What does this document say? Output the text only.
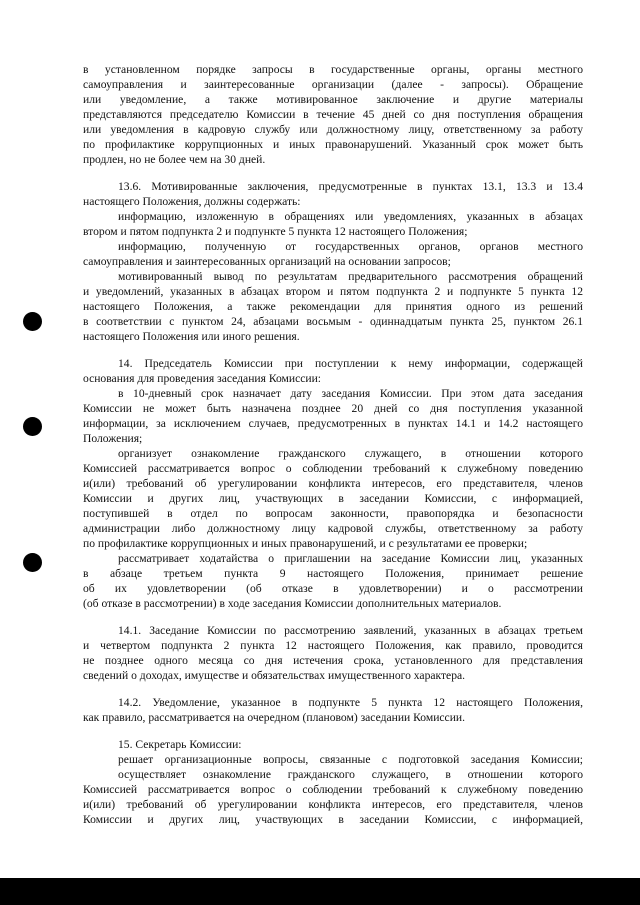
в установленном порядке запросы в государственные органы, органы местного
самоуправления и заинтересованные организации (далее - запросы). Обращение
или уведомление, а также мотивированное заключение и другие материалы
представляются председателю Комиссии в течение 45 дней со дня поступления обращения
или уведомления в кадровую службу или должностному лицу, ответственному за работу
по профилактике коррупционных и иных правонарушений. Указанный срок может быть
продлен, но не более чем на 30 дней.
13.6. Мотивированные заключения, предусмотренные в пунктах 13.1, 13.3 и 13.4
настоящего Положения, должны содержать:
информацию, изложенную в обращениях или уведомлениях, указанных в абзацах
втором и пятом подпункта 2 и подпункте 5 пункта 12 настоящего Положения;
информацию, полученную от государственных органов, органов местного
самоуправления и заинтересованных организаций на основании запросов;
мотивированный вывод по результатам предварительного рассмотрения обращений
и уведомлений, указанных в абзацах втором и пятом подпункта 2 и подпункте 5 пункта 12
настоящего Положения, а также рекомендации для принятия одного из решений
в соответствии с пунктом 24, абзацами восьмым - одиннадцатым пункта 25, пунктом 26.1
настоящего Положения или иного решения.
14. Председатель Комиссии при поступлении к нему информации, содержащей
основания для проведения заседания Комиссии:
в 10-дневный срок назначает дату заседания Комиссии. При этом дата заседания
Комиссии не может быть назначена позднее 20 дней со дня поступления указанной
информации, за исключением случаев, предусмотренных в пунктах 14.1 и 14.2 настоящего
Положения;
организует ознакомление гражданского служащего, в отношении которого
Комиссией рассматривается вопрос о соблюдении требований к служебному поведению
и(или) требований об урегулировании конфликта интересов, его представителя, членов
Комиссии и других лиц, участвующих в заседании Комиссии, с информацией,
поступившей в отдел по вопросам законности, правопорядка и безопасности
администрации либо должностному лицу кадровой службы, ответственному за работу
по профилактике коррупционных и иных правонарушений, и с результатами ее проверки;
рассматривает ходатайства о приглашении на заседание Комиссии лиц, указанных
в абзаце третьем пункта 9 настоящего Положения, принимает решение
об их удовлетворении (об отказе в удовлетворении) и о рассмотрении
(об отказе в рассмотрении) в ходе заседания Комиссии дополнительных материалов.
14.1. Заседание Комиссии по рассмотрению заявлений, указанных в абзацах третьем
и четвертом подпункта 2 пункта 12 настоящего Положения, как правило, проводится
не позднее одного месяца со дня истечения срока, установленного для представления
сведений о доходах, имуществе и обязательствах имущественного характера.
14.2. Уведомление, указанное в подпункте 5 пункта 12 настоящего Положения,
как правило, рассматривается на очередном (плановом) заседании Комиссии.
15. Секретарь Комиссии:
решает организационные вопросы, связанные с подготовкой заседания Комиссии;
осуществляет ознакомление гражданского служащего, в отношении которого
Комиссией рассматривается вопрос о соблюдении требований к служебному поведению
и(или) требований об урегулировании конфликта интересов, его представителя, членов
Комиссии и других лиц, участвующих в заседании Комиссии, с информацией,
